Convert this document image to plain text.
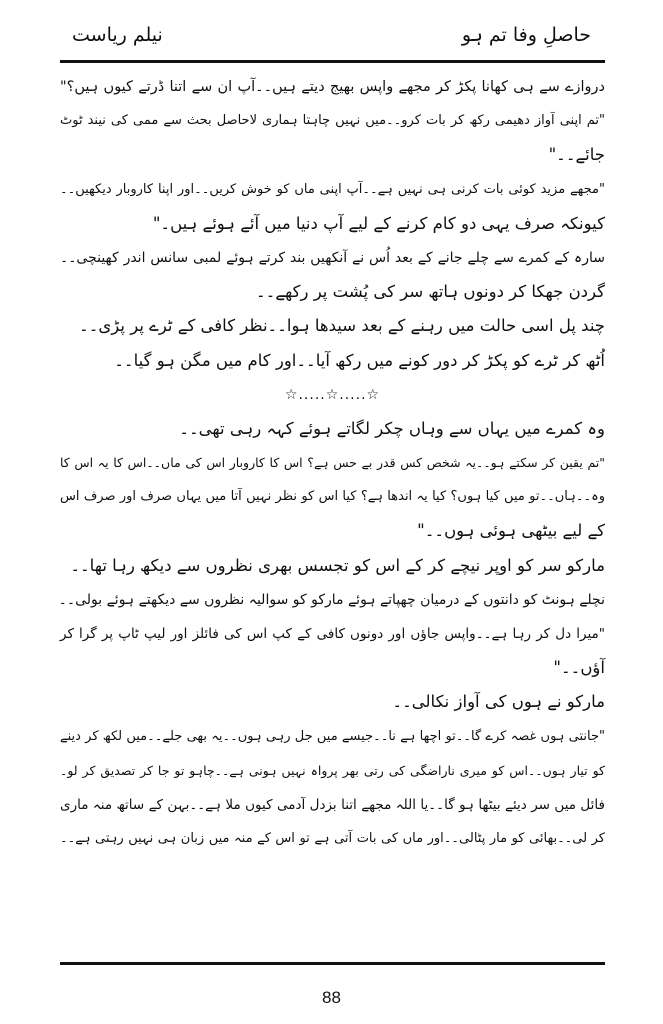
حاصلِ وفا تم ہو
نیلم ریاست
دروازے سے ہی کھانا پکڑ کر مجھے واپس بھیج دیتے ہیں۔۔آپ ان سے اتنا ڈرتے کیوں ہیں؟"
"تم اپنی آواز دھیمی رکھ کر بات کرو۔۔میں نہیں چاہتا ہماری لاحاصل بحث سے ممی کی نیند ٹوٹ
جائے۔۔"
"مجھے مزید کوئی بات کرنی ہی نہیں ہے۔۔آپ اپنی ماں کو خوش کریں۔۔اور اپنا کاروبار دیکھیں۔۔
کیونکہ صرف یہی دو کام کرنے کے لیے آپ دنیا میں آئے ہوئے ہیں۔"
سارہ کے کمرے سے چلے جانے کے بعد اُس نے آنکھیں بند کرتے ہوئے لمبی سانس اندر کھینچی۔۔
گردن جھکا کر دونوں ہاتھ سر کی پُشت پر رکھے۔۔
چند پل اسی حالت میں رہنے کے بعد سیدھا ہوا۔۔نظر کافی کے ٹرے پر پڑی۔۔
اُٹھ کر ٹرے کو پکڑ کر دور کونے میں رکھ آیا۔۔اور کام میں مگن ہو گیا۔۔
☆.....☆.....☆
وہ کمرے میں یہاں سے وہاں چکر لگاتے ہوئے کہہ رہی تھی۔۔
"تم یقین کر سکتے ہو۔۔یہ شخص کس قدر بے حس ہے؟ اس کا کاروبار اس کی ماں۔۔اس کا یہ اس کا
وہ۔۔ہاں۔۔تو میں کیا ہوں؟ کیا یہ اندھا ہے؟ کیا اس کو نظر نہیں آتا میں یہاں صرف اور صرف اس
کے لیے بیٹھی ہوئی ہوں۔۔"
مارکو سر کو اوپر نیچے کر کے اس کو تجسس بھری نظروں سے دیکھ رہا تھا۔۔
نچلے ہونٹ کو دانتوں کے درمیان چھپاتے ہوئے مارکو کو سوالیہ نظروں سے دیکھتے ہوئے بولی۔۔
"میرا دل کر رہا ہے۔۔واپس جاؤں اور دونوں کافی کے کپ اس کی فائلز اور لیپ ٹاپ پر گرا کر
آؤں۔۔"
مارکو نے ہوں کی آواز نکالی۔۔
"جانتی ہوں غصہ کرے گا۔۔تو اچھا ہے نا۔۔جیسے میں جل رہی ہوں۔۔یہ بھی جلے۔۔میں لکھ کر دینے
کو تیار ہوں۔۔اس کو میری ناراضگی کی رتی بھر پرواہ نہیں ہونی ہے۔۔چاہو تو جا کر تصدیق کر لو۔
فائل میں سر دیئے بیٹھا ہو گا۔۔یا اللہ مجھے اتنا بزدل آدمی کیوں ملا ہے۔۔بہن کے ساتھ منہ ماری
کر لی۔۔بھائی کو مار پٹالی۔۔اور ماں کی بات آتی ہے تو اس کے منہ میں زبان ہی نہیں رہتی ہے۔۔
88
